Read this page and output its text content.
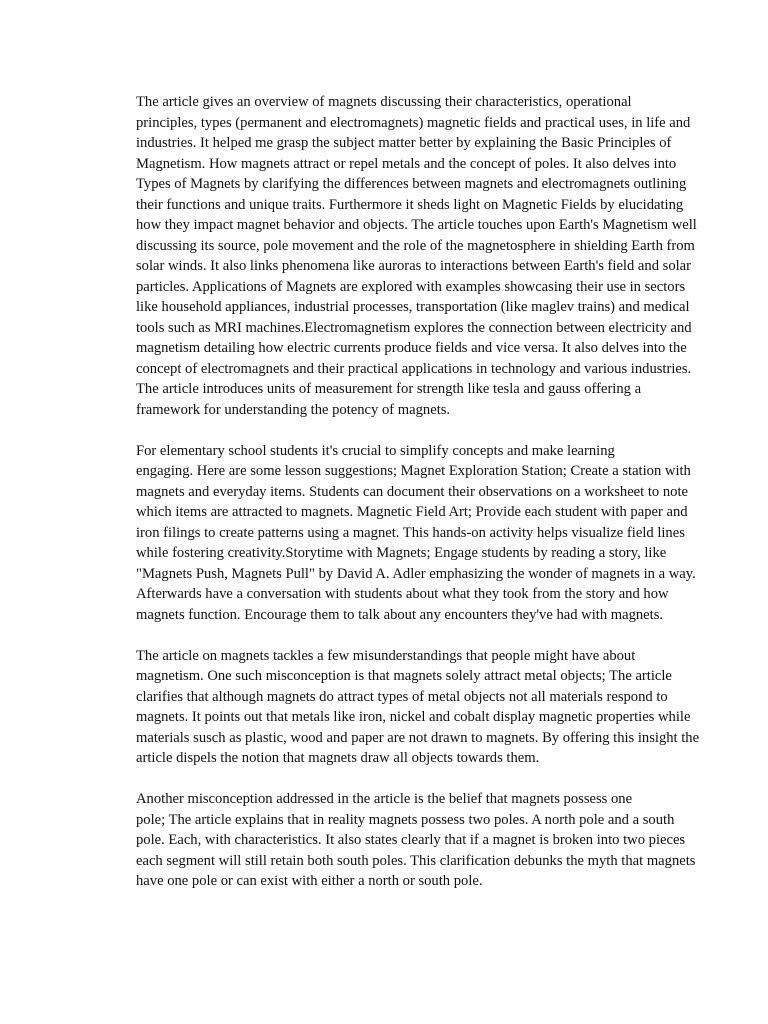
The article gives an overview of magnets discussing their characteristics, operational
principles, types (permanent and electromagnets) magnetic fields and practical uses, in life and
industries. It helped me grasp the subject matter better by explaining the Basic Principles of
Magnetism. How magnets attract or repel metals and the concept of poles. It also delves into
Types of Magnets by clarifying the differences between magnets and electromagnets outlining
their functions and unique traits. Furthermore it sheds light on Magnetic Fields by elucidating
how they impact magnet behavior and objects. The article touches upon Earth's Magnetism well
discussing its source, pole movement and the role of the magnetosphere in shielding Earth from
solar winds. It also links phenomena like auroras to interactions between Earth's field and solar
particles. Applications of Magnets are explored with examples showcasing their use in sectors
like household appliances, industrial processes, transportation (like maglev trains) and medical
tools such as MRI machines.Electromagnetism explores the connection between electricity and
magnetism detailing how electric currents produce fields and vice versa. It also delves into the
concept of electromagnets and their practical applications in technology and various industries.
The article introduces units of measurement for strength like tesla and gauss offering a
framework for understanding the potency of magnets.

For elementary school students it's crucial to simplify concepts and make learning
engaging. Here are some lesson suggestions; Magnet Exploration Station; Create a station with
magnets and everyday items. Students can document their observations on a worksheet to note
which items are attracted to magnets. Magnetic Field Art; Provide each student with paper and
iron filings to create patterns using a magnet. This hands-on activity helps visualize field lines
while fostering creativity.Storytime with Magnets; Engage students by reading a story, like
"Magnets Push, Magnets Pull" by David A. Adler emphasizing the wonder of magnets in a way.
Afterwards have a conversation with students about what they took from the story and how
magnets function. Encourage them to talk about any encounters they've had with magnets.

The article on magnets tackles a few misunderstandings that people might have about
magnetism. One such misconception is that magnets solely attract metal objects; The article
clarifies that although magnets do attract types of metal objects not all materials respond to
magnets. It points out that metals like iron, nickel and cobalt display magnetic properties while
materials susch as plastic, wood and paper are not drawn to magnets. By offering this insight the
article dispels the notion that magnets draw all objects towards them.

Another misconception addressed in the article is the belief that magnets possess one
pole; The article explains that in reality magnets possess two poles. A north pole and a south
pole. Each, with characteristics. It also states clearly that if a magnet is broken into two pieces
each segment will still retain both south poles. This clarification debunks the myth that magnets
have one pole or can exist with either a north or south pole.
